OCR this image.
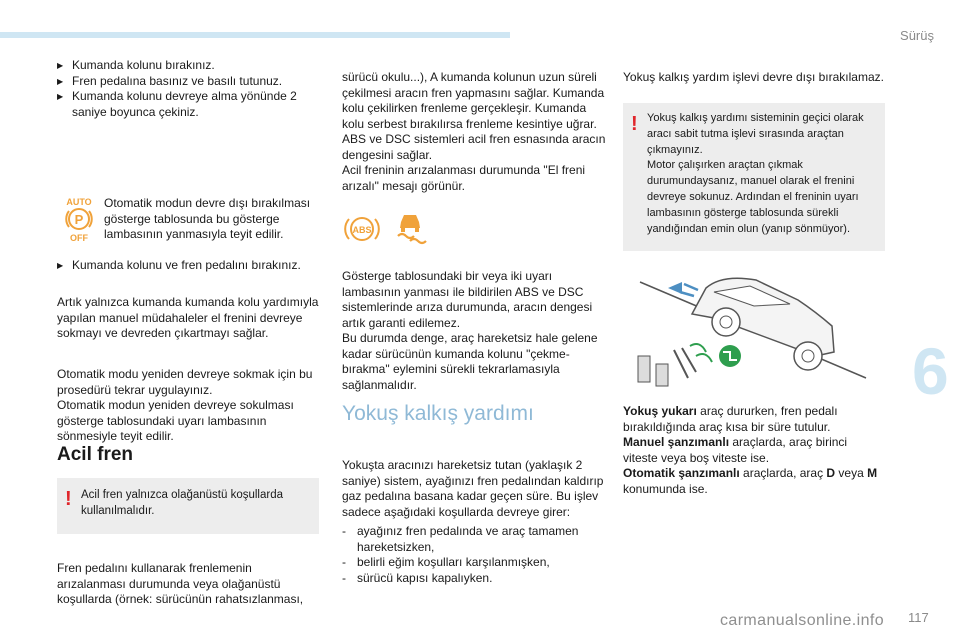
Sürüş
6
117
▶ Kumanda kolunu bırakınız.
▶ Fren pedalına basınız ve basılı tutunuz.
▶ Kumanda kolunu devreye alma yönünde 2 saniye boyunca çekiniz.
AUTO
P
OFF
Otomatik modun devre dışı bırakılması gösterge tablosunda bu gösterge lambasının yanmasıyla teyit edilir.
▶ Kumanda kolunu ve fren pedalını bırakınız.

Artık yalnızca kumanda kumanda kolu yardımıyla yapılan manuel müdahaleler el frenini devreye sokmayı ve devreden çıkartmayı sağlar.

Otomatik modu yeniden devreye sokmak için bu prosedürü tekrar uygulayınız.
Otomatik modun yeniden devreye sokulması gösterge tablosundaki uyarı lambasının sönmesiyle teyit edilir.

Acil fren
! Acil fren yalnızca olağanüstü koşullarda kullanılmalıdır.

Fren pedalını kullanarak frenlemenin arızalanması durumunda veya olağanüstü koşullarda (örnek: sürücünün rahatsızlanması,

sürücü okulu...), A kumanda kolunun uzun süreli çekilmesi aracın fren yapmasını sağlar. Kumanda kolu çekilirken frenleme gerçekleşir. Kumanda kolu serbest bırakılırsa frenleme kesintiye uğrar.
ABS ve DSC sistemleri acil fren esnasında aracın dengesini sağlar.
Acil freninin arızalanması durumunda "El freni arızalı" mesajı görünür.

ABS

Gösterge tablosundaki bir veya iki uyarı lambasının yanması ile bildirilen ABS ve DSC sistemlerinde arıza durumunda, aracın dengesi artık garanti edilemez.
Bu durumda denge, araç hareketsiz hale gelene kadar sürücünün kumanda kolunu "çekme-bırakma" eylemini sürekli tekrarlamasıyla sağlanmalıdır.

Yokuş kalkış yardımı

Yokuşta aracınızı hareketsiz tutan (yaklaşık 2 saniye) sistem, ayağınızı fren pedalından kaldırıp gaz pedalına basana kadar geçen süre. Bu işlev sadece aşağıdaki koşullarda devreye girer:

- ayağınız fren pedalında ve araç tamamen hareketsizken,
- belirli eğim koşulları karşılanmışken,
- sürücü kapısı kapalıyken.

Yokuş kalkış yardım işlevi devre dışı bırakılamaz.

! Yokuş kalkış yardımı sisteminin geçici olarak aracı sabit tutma işlevi sırasında araçtan çıkmayınız.
Motor çalışırken araçtan çıkmak durumundaysanız, manuel olarak el frenini devreye sokunuz. Ardından el freninin uyarı lambasının gösterge tablosunda sürekli yandığından emin olun (yanıp sönmüyor).

Yokuş yukarı araç dururken, fren pedalı bırakıldığında araç kısa bir süre tutulur.

Manuel şanzımanlı araçlarda, araç birinci viteste veya boş viteste ise.

Otomatik şanzımanlı araçlarda, araç D veya M konumunda ise.

carmanualsonline.info
